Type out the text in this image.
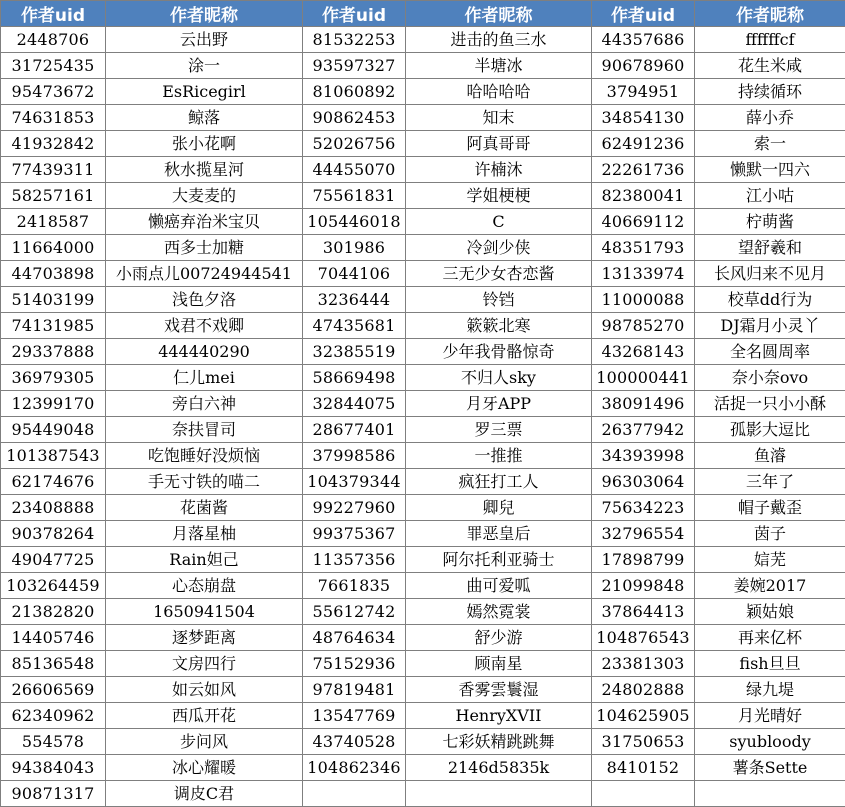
作者uid	作者昵称	作者uid	作者昵称	作者uid	作者昵称
2448706	云出野	81532253	进击的鱼三水	44357686	ffffffcf
31725435	涂一	93597327	半塘冰	90678960	花生米咸
95473672	EsRicegirl	81060892	哈哈哈哈	3794951	持续循环
74631853	鲸落	90862453	知末	34854130	薛小乔
41932842	张小花啊	52026756	阿真哥哥	62491236	索一
77439311	秋水揽星河	44455070	许楠沐	22261736	懒默一四六
58257161	大麦麦的	75561831	学姐梗梗	82380041	江小咕
2418587	懒癌弃治米宝贝	105446018	C	40669112	柠萌酱
11664000	西多士加糖	301986	冷剑少侠	48351793	望舒羲和
44703898	小雨点儿00724944541	7044106	三无少女杏恋酱	13133974	长风归来不见月
51403199	浅色夕洛	3236444	铃铛	11000088	校草dd行为
74131985	戏君不戏卿	47435681	簌簌北寒	98785270	DJ霜月小灵丫
29337888	444440290	32385519	少年我骨骼惊奇	43268143	全名圆周率
36979305	仁儿mei	58669498	不归人sky	100000441	奈小奈ovo
12399170	旁白六神	32844075	月牙APP	38091496	活捉一只小小酥
95449048	奈扶冒司	28677401	罗三票	26377942	孤影大逗比
101387543	吃饱睡好没烦恼	37998586	一推推	34393998	鱼濬
62174676	手无寸铁的喵二	104379344	疯狂打工人	96303064	三年了
23408888	花菌酱	99227960	卿兒	75634223	帽子戴歪
90378264	月落星柚	99375367	罪恶皇后	32796554	茵子
49047725	Rain妲己	11357356	阿尔托利亚骑士	17898799	娮芜
103264459	心态崩盘	7661835	曲可爱呱	21099848	姜婉2017
21382820	1650941504	55612742	嫣然霓裳	37864413	颖姑娘
14405746	逐梦距离	48764634	舒少游	104876543	再来亿杯
85136548	文房四行	75152936	顾南星	23381303	fish旦旦
26606569	如云如风	97819481	香雾雲鬟湿	24802888	绿九堤
62340962	西瓜开花	13547769	HenryXVII	104625905	月光晴好
554578	步问风	43740528	七彩妖精跳跳舞	31750653	syubloody
94384043	冰心耀暖	104862346	2146d5835k	8410152	薯条Sette
90871317	调皮C君				
